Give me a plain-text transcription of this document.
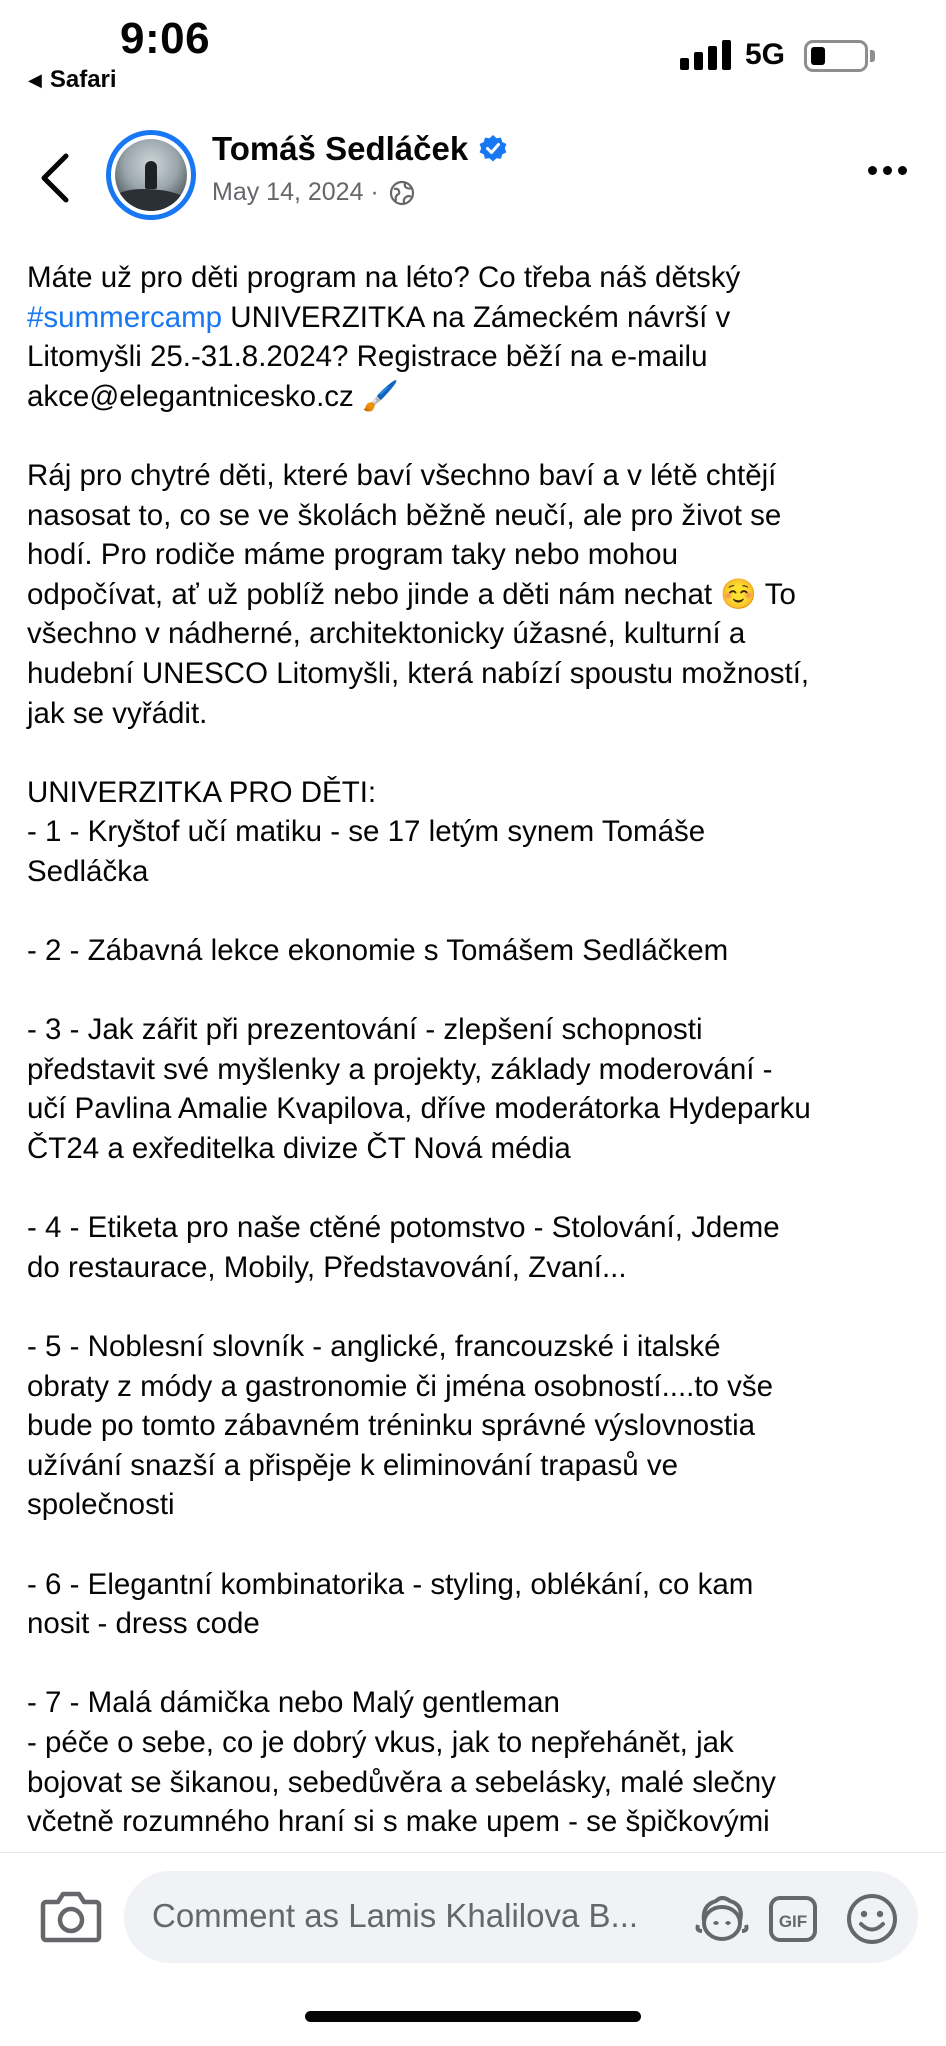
9:06
◀ Safari
5G
Tomáš Sedláček
May 14, 2024 ·
Máte už pro děti program na léto? Co třeba náš dětský
#summercamp UNIVERZITKA na Zámeckém návrší v
Litomyšli 25.-31.8.2024? Registrace běží na e-mailu
akce@elegantnicesko.cz 🖌️

Ráj pro chytré děti, které baví všechno baví a v létě chtějí
nasosat to, co se ve školách běžně neučí, ale pro život se
hodí. Pro rodiče máme program taky nebo mohou
odpočívat, ať už poblíž nebo jinde a děti nám nechat ☺️ To
všechno v nádherné, architektonicky úžasné, kulturní a
hudební UNESCO Litomyšli, která nabízí spoustu možností,
jak se vyřádit.

UNIVERZITKA PRO DĚTI:
- 1 - Kryštof učí matiku - se 17 letým synem Tomáše
Sedláčka

- 2 - Zábavná lekce ekonomie s Tomášem Sedláčkem

- 3 - Jak zářit při prezentování - zlepšení schopnosti
představit své myšlenky a projekty, základy moderování -
učí Pavlina Amalie Kvapilova, dříve moderátorka Hydeparku
ČT24 a exředitelka divize ČT Nová média

- 4 - Etiketa pro naše ctěné potomstvo - Stolování, Jdeme
do restaurace, Mobily, Představování, Zvaní...

- 5 - Noblesní slovník - anglické, francouzské i italské
obraty z módy a gastronomie či jména osobností....to vše
bude po tomto zábavném tréninku správné výslovnostia
užívání snazší a přispěje k eliminování trapasů ve
společnosti

- 6 - Elegantní kombinatorika - styling, oblékání, co kam
nosit - dress code

- 7 - Malá dámička nebo Malý gentleman
- péče o sebe, co je dobrý vkus, jak to nepřehánět, jak
bojovat se šikanou, sebedůvěra a sebelásky, malé slečny
včetně rozumného hraní si s make upem - se špičkovými
Comment as Lamis Khalilova B...	GIF
